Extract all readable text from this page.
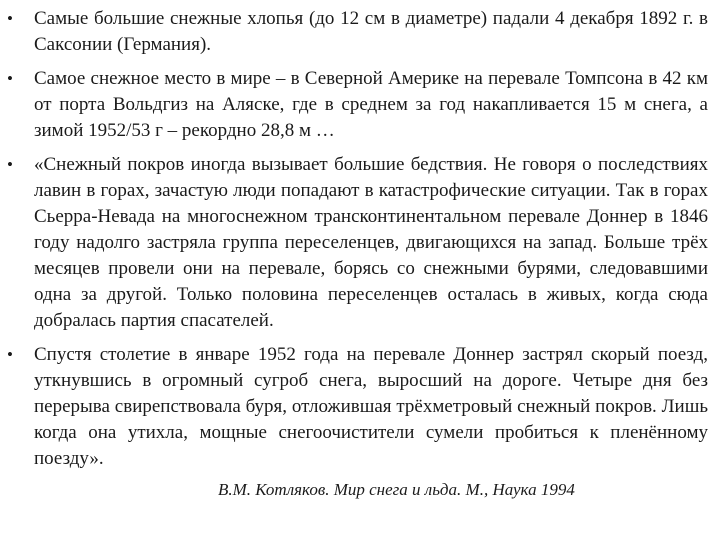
• Самые большие снежные хлопья (до 12 см в диаметре) падали 4 декабря 1892 г. в Саксонии (Германия).
• Самое снежное место в мире – в Северной Америке на перевале Томпсона в 42 км от порта Вольдгиз на Аляске, где в среднем за год накапливается 15 м снега, а зимой 1952/53 г – рекордно 28,8 м …
• «Снежный покров иногда вызывает большие бедствия. Не говоря о последствиях лавин в горах, зачастую люди попадают в катастрофические ситуации. Так в горах Сьерра-Невада на многоснежном трансконтинентальном перевале Доннер в 1846 году надолго застряла группа переселенцев, двигающихся на запад. Больше трёх месяцев провели они на перевале, борясь со снежными бурями, следовавшими одна за другой. Только половина переселенцев осталась в живых, когда сюда добралась партия спасателей.
• Спустя столетие в январе 1952 года на перевале Доннер застрял скорый поезд, уткнувшись в огромный сугроб снега, выросший на дороге. Четыре дня без перерыва свирепствовала буря, отложившая трёхметровый снежный покров. Лишь когда она утихла, мощные снегоочистители сумели пробиться к пленённому поезду».
В.М. Котляков. Мир снега и льда. М., Наука 1994
